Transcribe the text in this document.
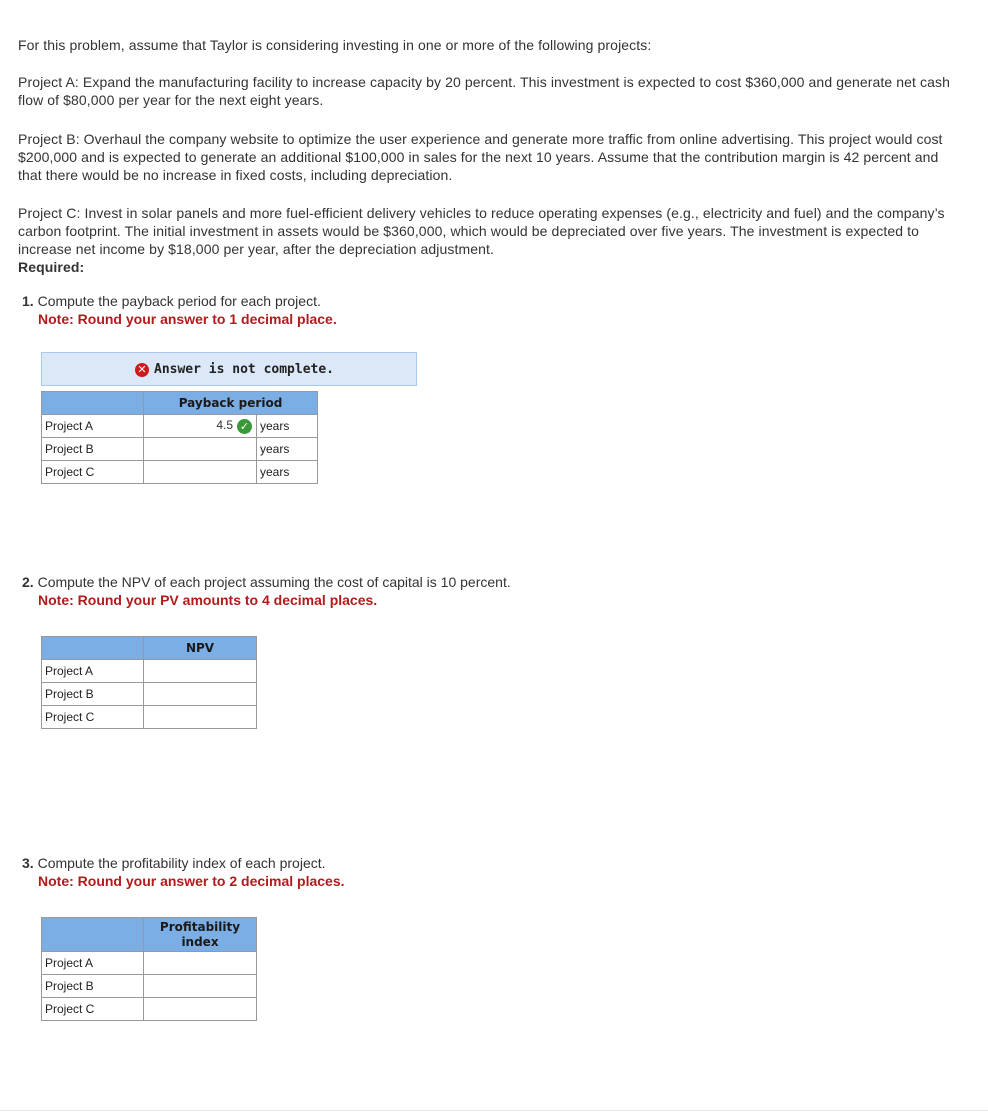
For this problem, assume that Taylor is considering investing in one or more of the following projects:
Project A: Expand the manufacturing facility to increase capacity by 20 percent. This investment is expected to cost $360,000 and generate net cash flow of $80,000 per year for the next eight years.
Project B: Overhaul the company website to optimize the user experience and generate more traffic from online advertising. This project would cost $200,000 and is expected to generate an additional $100,000 in sales for the next 10 years. Assume that the contribution margin is 42 percent and that there would be no increase in fixed costs, including depreciation.
Project C: Invest in solar panels and more fuel-efficient delivery vehicles to reduce operating expenses (e.g., electricity and fuel) and the company’s carbon footprint. The initial investment in assets would be $360,000, which would be depreciated over five years. The investment is expected to increase net income by $18,000 per year, after the depreciation adjustment.
Required:
1. Compute the payback period for each project.
Note: Round your answer to 1 decimal place.
✕ Answer is not complete.
	Payback period	
Project A	4.5 ✓	years
Project B		years
Project C		years
2. Compute the NPV of each project assuming the cost of capital is 10 percent.
Note: Round your PV amounts to 4 decimal places.
	NPV
Project A	
Project B	
Project C	
3. Compute the profitability index of each project.
Note: Round your answer to 2 decimal places.

	Profitability
index

Project A	
Project B	
Project C	
